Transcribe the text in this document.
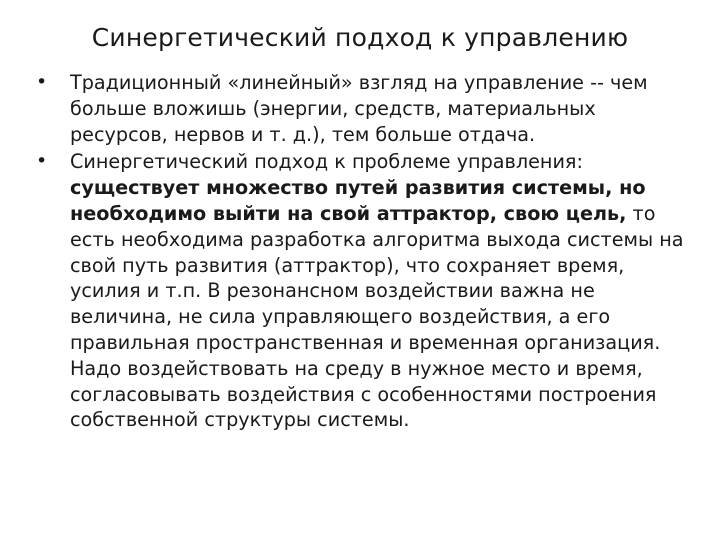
Синергетический подход к управлению
• Традиционный «линейный» взгляд на управление -- чем больше вложишь (энергии, средств, материальных ресурсов, нервов и т. д.), тем больше отдача.
• Синергетический подход к проблеме управления: существует множество путей развития системы, но необходимо выйти на свой аттрактор, свою цель, то есть необходима разработка алгоритма выхода системы на свой путь развития (аттрактор), что сохраняет время, усилия и т.п. В резонансном воздействии важна не величина, не сила управляющего воздействия, а его правильная пространственная и временная организация. Надо воздействовать на среду в нужное место и время, согласовывать воздействия с особенностями построения собственной структуры системы.
